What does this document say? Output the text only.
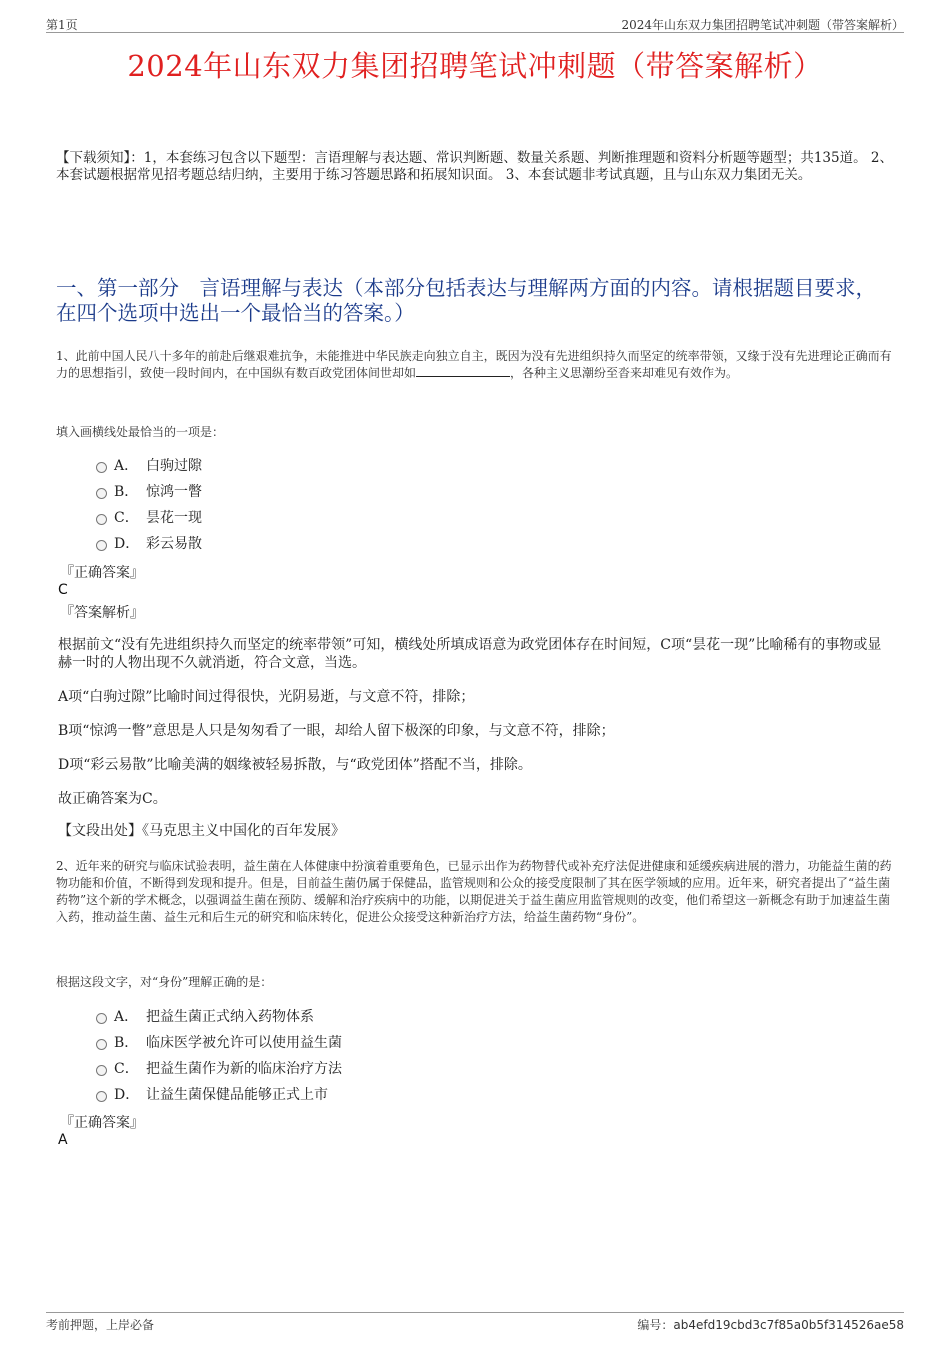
第1页	2024年山东双力集团招聘笔试冲刺题（带答案解析）
2024年山东双力集团招聘笔试冲刺题（带答案解析）
【下载须知】：1，本套练习包含以下题型：言语理解与表达题、常识判断题、数量关系题、判断推理题和资料分析题等题型；共135道。 2、本套试题根据常见招考题总结归纳，主要用于练习答题思路和拓展知识面。 3、本套试题非考试真题，且与山东双力集团无关。
一、第一部分　言语理解与表达（本部分包括表达与理解两方面的内容。请根据题目要求，在四个选项中选出一个最恰当的答案。）
1、此前中国人民八十多年的前赴后继艰难抗争，未能推进中华民族走向独立自主，既因为没有先进组织持久而坚定的统率带领，又缘于没有先进理论正确而有力的思想指引，致使一段时间内，在中国纵有数百政党团体间世却如	，各种主义思潮纷至沓来却难见有效作为。
填入画横线处最恰当的一项是：
A． 白驹过隙
B． 惊鸿一瞥
C． 昙花一现
D． 彩云易散
『正确答案』
C
『答案解析』
根据前文“没有先进组织持久而坚定的统率带领”可知，横线处所填成语意为政党团体存在时间短，C项“昙花一现”比喻稀有的事物或显赫一时的人物出现不久就消逝，符合文意，当选。
A项“白驹过隙”比喻时间过得很快，光阴易逝，与文意不符，排除；
B项“惊鸿一瞥”意思是人只是匆匆看了一眼，却给人留下极深的印象，与文意不符，排除；
D项“彩云易散”比喻美满的姻缘被轻易拆散，与“政党团体”搭配不当，排除。
故正确答案为C。
【文段出处】《马克思主义中国化的百年发展》
2、近年来的研究与临床试验表明，益生菌在人体健康中扮演着重要角色，已显示出作为药物替代或补充疗法促进健康和延缓疾病进展的潜力，功能益生菌的药物功能和价值，不断得到发现和提升。但是，目前益生菌仍属于保健品，监管规则和公众的接受度限制了其在医学领域的应用。近年来，研究者提出了“益生菌药物”这个新的学术概念，以强调益生菌在预防、缓解和治疗疾病中的功能，以期促进关于益生菌应用监管规则的改变，他们希望这一新概念有助于加速益生菌入药，推动益生菌、益生元和后生元的研究和临床转化，促进公众接受这种新治疗方法，给益生菌药物“身份”。
根据这段文字，对“身份”理解正确的是：
A． 把益生菌正式纳入药物体系
B． 临床医学被允许可以使用益生菌
C． 把益生菌作为新的临床治疗方法
D． 让益生菌保健品能够正式上市
『正确答案』
A
考前押题，上岸必备	编号：ab4efd19cbd3c7f85a0b5f314526ae58
